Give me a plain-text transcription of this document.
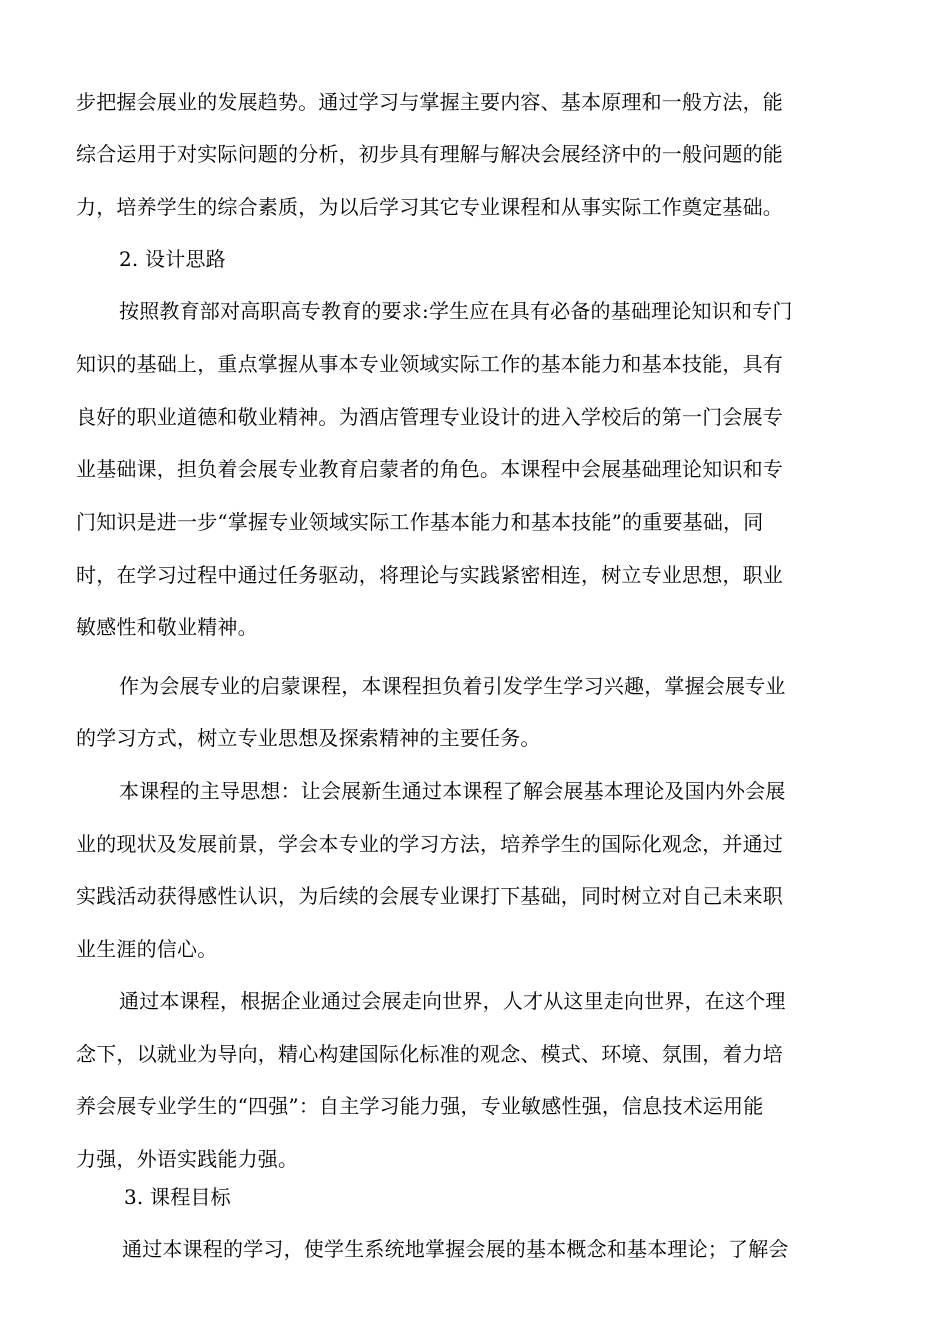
步把握会展业的发展趋势。通过学习与掌握主要内容、基本原理和一般方法，能
综合运用于对实际问题的分析，初步具有理解与解决会展经济中的一般问题的能
力，培养学生的综合素质，为以后学习其它专业课程和从事实际工作奠定基础。
2. 设计思路
按照教育部对高职高专教育的要求:学生应在具有必备的基础理论知识和专门
知识的基础上，重点掌握从事本专业领域实际工作的基本能力和基本技能，具有
良好的职业道德和敬业精神。为酒店管理专业设计的进入学校后的第一门会展专
业基础课，担负着会展专业教育启蒙者的角色。本课程中会展基础理论知识和专
门知识是进一步“掌握专业领域实际工作基本能力和基本技能”的重要基础，同
时，在学习过程中通过任务驱动，将理论与实践紧密相连，树立专业思想，职业
敏感性和敬业精神。
作为会展专业的启蒙课程，本课程担负着引发学生学习兴趣，掌握会展专业
的学习方式，树立专业思想及探索精神的主要任务。
本课程的主导思想：让会展新生通过本课程了解会展基本理论及国内外会展
业的现状及发展前景，学会本专业的学习方法，培养学生的国际化观念，并通过
实践活动获得感性认识，为后续的会展专业课打下基础，同时树立对自己未来职
业生涯的信心。
通过本课程，根据企业通过会展走向世界，人才从这里走向世界，在这个理
念下，以就业为导向，精心构建国际化标准的观念、模式、环境、氛围，着力培
养会展专业学生的“四强”：自主学习能力强，专业敏感性强，信息技术运用能
力强，外语实践能力强。
3. 课程目标
通过本课程的学习，使学生系统地掌握会展的基本概念和基本理论；了解会
